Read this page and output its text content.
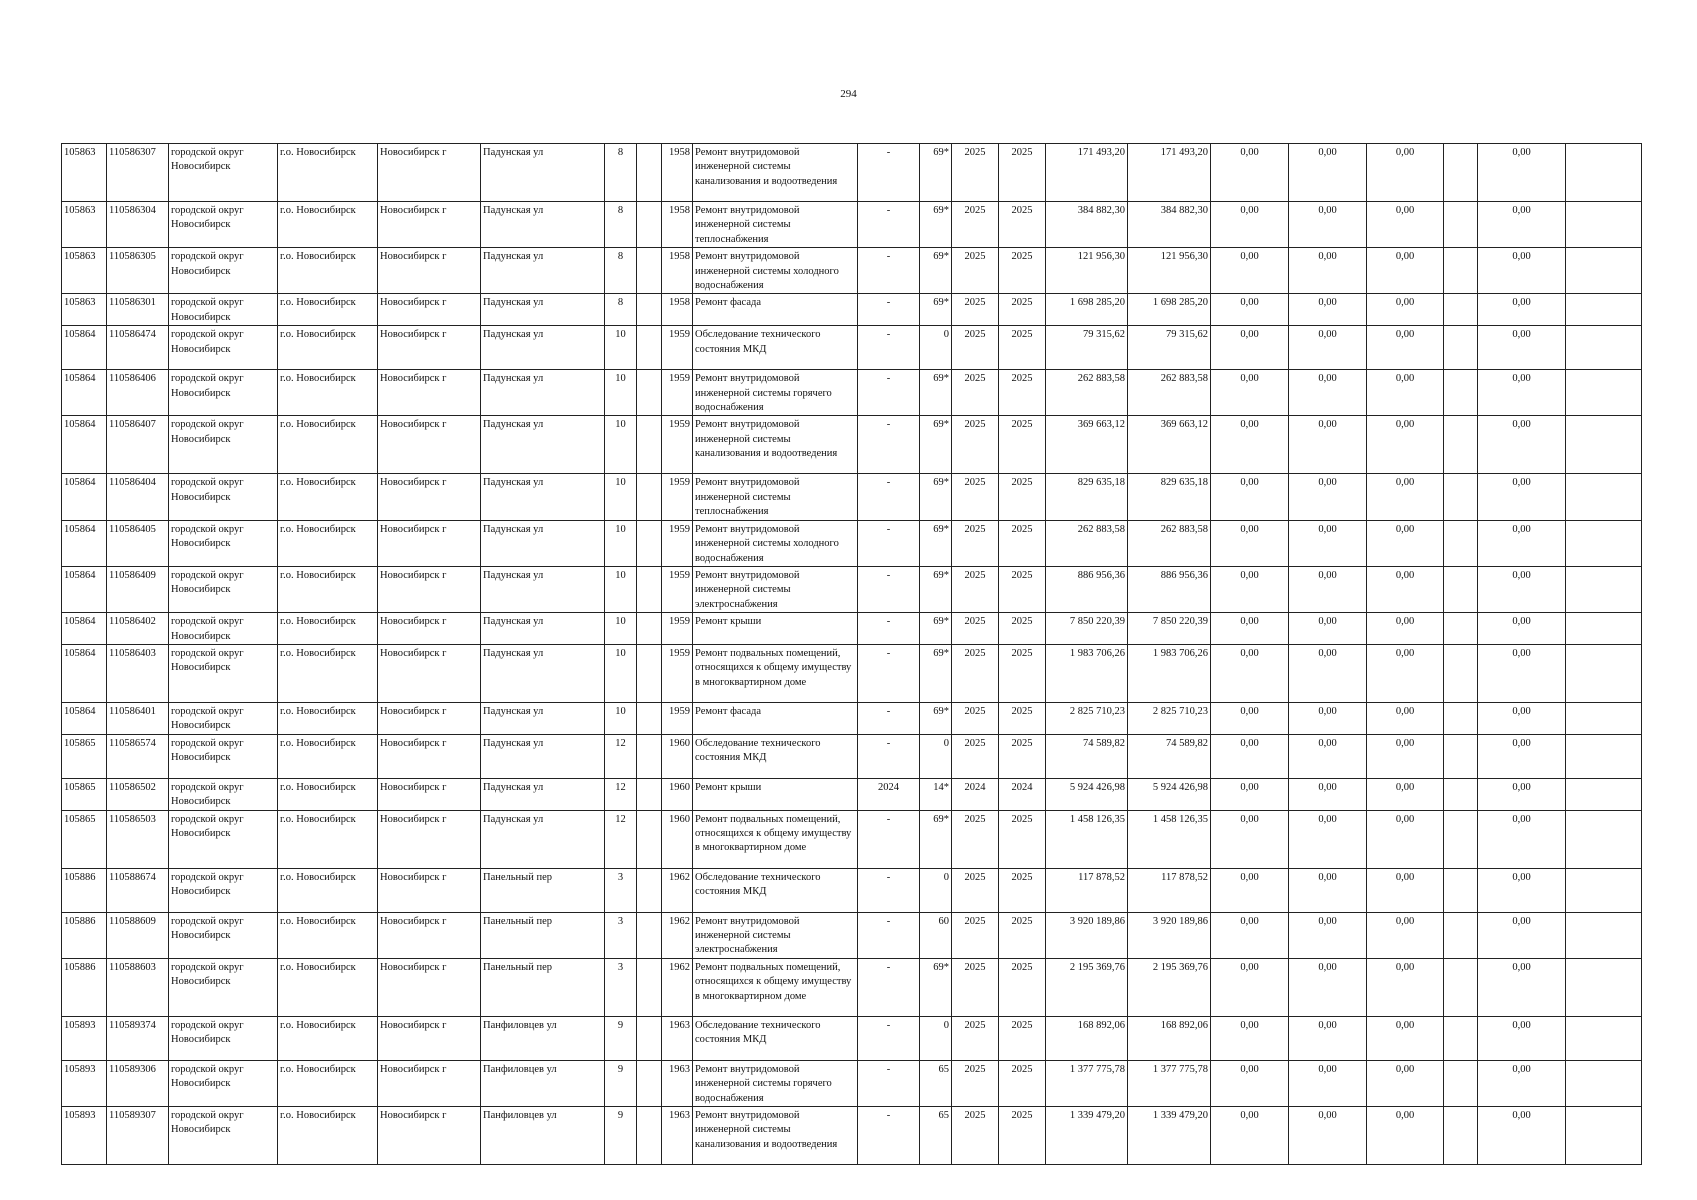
294
105863	110586307	городской округ Новосибирск	г.о. Новосибирск	Новосибирск г	Падунская ул	8		1958	Ремонт внутридомовой инженерной системы канализования и водоотведения	-	69*	2025	2025	171 493,20	171 493,20	0,00	0,00	0,00		0,00	
105863	110586304	городской округ Новосибирск	г.о. Новосибирск	Новосибирск г	Падунская ул	8		1958	Ремонт внутридомовой инженерной системы теплоснабжения	-	69*	2025	2025	384 882,30	384 882,30	0,00	0,00	0,00		0,00	
105863	110586305	городской округ Новосибирск	г.о. Новосибирск	Новосибирск г	Падунская ул	8		1958	Ремонт внутридомовой инженерной системы холодного водоснабжения	-	69*	2025	2025	121 956,30	121 956,30	0,00	0,00	0,00		0,00	
105863	110586301	городской округ Новосибирск	г.о. Новосибирск	Новосибирск г	Падунская ул	8		1958	Ремонт фасада	-	69*	2025	2025	1 698 285,20	1 698 285,20	0,00	0,00	0,00		0,00	
105864	110586474	городской округ Новосибирск	г.о. Новосибирск	Новосибирск г	Падунская ул	10		1959	Обследование технического состояния МКД	-	0	2025	2025	79 315,62	79 315,62	0,00	0,00	0,00		0,00	
105864	110586406	городской округ Новосибирск	г.о. Новосибирск	Новосибирск г	Падунская ул	10		1959	Ремонт внутридомовой инженерной системы горячего водоснабжения	-	69*	2025	2025	262 883,58	262 883,58	0,00	0,00	0,00		0,00	
105864	110586407	городской округ Новосибирск	г.о. Новосибирск	Новосибирск г	Падунская ул	10		1959	Ремонт внутридомовой инженерной системы канализования и водоотведения	-	69*	2025	2025	369 663,12	369 663,12	0,00	0,00	0,00		0,00	
105864	110586404	городской округ Новосибирск	г.о. Новосибирск	Новосибирск г	Падунская ул	10		1959	Ремонт внутридомовой инженерной системы теплоснабжения	-	69*	2025	2025	829 635,18	829 635,18	0,00	0,00	0,00		0,00	
105864	110586405	городской округ Новосибирск	г.о. Новосибирск	Новосибирск г	Падунская ул	10		1959	Ремонт внутридомовой инженерной системы холодного водоснабжения	-	69*	2025	2025	262 883,58	262 883,58	0,00	0,00	0,00		0,00	
105864	110586409	городской округ Новосибирск	г.о. Новосибирск	Новосибирск г	Падунская ул	10		1959	Ремонт внутридомовой инженерной системы электроснабжения	-	69*	2025	2025	886 956,36	886 956,36	0,00	0,00	0,00		0,00	
105864	110586402	городской округ Новосибирск	г.о. Новосибирск	Новосибирск г	Падунская ул	10		1959	Ремонт крыши	-	69*	2025	2025	7 850 220,39	7 850 220,39	0,00	0,00	0,00		0,00	
105864	110586403	городской округ Новосибирск	г.о. Новосибирск	Новосибирск г	Падунская ул	10		1959	Ремонт подвальных помещений, относящихся к общему имуществу в многоквартирном доме	-	69*	2025	2025	1 983 706,26	1 983 706,26	0,00	0,00	0,00		0,00	
105864	110586401	городской округ Новосибирск	г.о. Новосибирск	Новосибирск г	Падунская ул	10		1959	Ремонт фасада	-	69*	2025	2025	2 825 710,23	2 825 710,23	0,00	0,00	0,00		0,00	
105865	110586574	городской округ Новосибирск	г.о. Новосибирск	Новосибирск г	Падунская ул	12		1960	Обследование технического состояния МКД	-	0	2025	2025	74 589,82	74 589,82	0,00	0,00	0,00		0,00	
105865	110586502	городской округ Новосибирск	г.о. Новосибирск	Новосибирск г	Падунская ул	12		1960	Ремонт крыши	2024	14*	2024	2024	5 924 426,98	5 924 426,98	0,00	0,00	0,00		0,00	
105865	110586503	городской округ Новосибирск	г.о. Новосибирск	Новосибирск г	Падунская ул	12		1960	Ремонт подвальных помещений, относящихся к общему имуществу в многоквартирном доме	-	69*	2025	2025	1 458 126,35	1 458 126,35	0,00	0,00	0,00		0,00	
105886	110588674	городской округ Новосибирск	г.о. Новосибирск	Новосибирск г	Панельный пер	3		1962	Обследование технического состояния МКД	-	0	2025	2025	117 878,52	117 878,52	0,00	0,00	0,00		0,00	
105886	110588609	городской округ Новосибирск	г.о. Новосибирск	Новосибирск г	Панельный пер	3		1962	Ремонт внутридомовой инженерной системы электроснабжения	-	60	2025	2025	3 920 189,86	3 920 189,86	0,00	0,00	0,00		0,00	
105886	110588603	городской округ Новосибирск	г.о. Новосибирск	Новосибирск г	Панельный пер	3		1962	Ремонт подвальных помещений, относящихся к общему имуществу в многоквартирном доме	-	69*	2025	2025	2 195 369,76	2 195 369,76	0,00	0,00	0,00		0,00	
105893	110589374	городской округ Новосибирск	г.о. Новосибирск	Новосибирск г	Панфиловцев ул	9		1963	Обследование технического состояния МКД	-	0	2025	2025	168 892,06	168 892,06	0,00	0,00	0,00		0,00	
105893	110589306	городской округ Новосибирск	г.о. Новосибирск	Новосибирск г	Панфиловцев ул	9		1963	Ремонт внутридомовой инженерной системы горячего водоснабжения	-	65	2025	2025	1 377 775,78	1 377 775,78	0,00	0,00	0,00		0,00	
105893	110589307	городской округ Новосибирск	г.о. Новосибирск	Новосибирск г	Панфиловцев ул	9		1963	Ремонт внутридомовой инженерной системы канализования и водоотведения	-	65	2025	2025	1 339 479,20	1 339 479,20	0,00	0,00	0,00		0,00	
